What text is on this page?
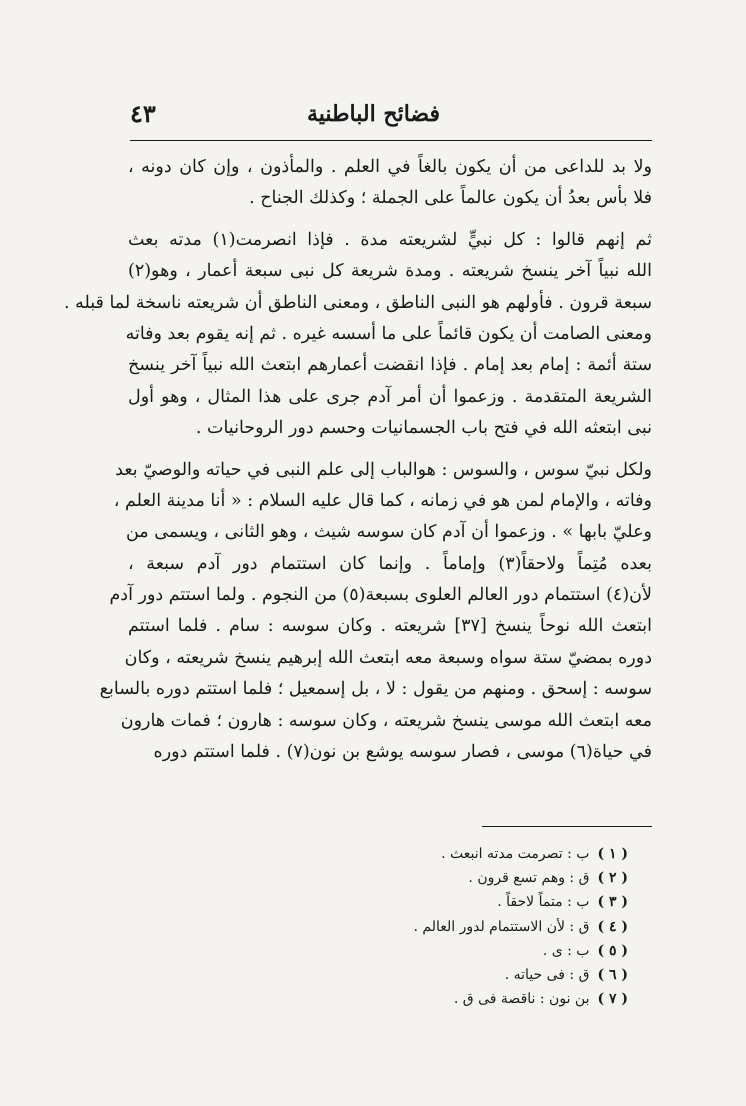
فضائح الباطنية
٤٣
ولا بد للداعى من أن يكون بالغاً في العلم . والمأذون ، وإن كان دونه ،
فلا بأس بعدُ أن يكون عالماً على الجملة ؛ وكذلك الجناح .
ثم إنهم قالوا : كل نبيٍّ لشريعته مدة . فإذا انصرمت(١) مدته بعث
الله نبياً آخر ينسخ شريعته . ومدة شريعة كل نبى سبعة أعمار ، وهو(٢)
سبعة قرون . فأولهم هو النبى الناطق ، ومعنى الناطق أن شريعته ناسخة لما قبله .
ومعنى الصامت أن يكون قائماً على ما أسسه غيره . ثم إنه يقوم بعد وفاته
ستة أئمة : إمام بعد إمام . فإذا انقضت أعمارهم ابتعث الله نبياً آخر ينسخ
الشريعة المتقدمة . وزعموا أن أمر آدم جرى على هذا المثال ، وهو أول
نبى ابتعثه الله في فتح باب الجسمانيات وحسم دور الروحانيات .
ولكل نبيّ سوس ، والسوس : هوالباب إلى علم النبى في حياته والوصيّ بعد
وفاته ، والإمام لمن هو في زمانه ، كما قال عليه السلام : « أنا مدينة العلم ،
وعليّ بابها » . وزعموا أن آدم كان سوسه شيث ، وهو الثانى ، ويسمى من
بعده مُتِماً ولاحقاً(٣) وإماماً . وإنما كان استتمام دور آدم سبعة ،
لأن(٤) استتمام دور العالم العلوى بسبعة(٥) من النجوم . ولما استتم دور آدم
ابتعث الله نوحاً ينسخ [٣٧] شريعته . وكان سوسه : سام . فلما استتم
دوره بمضيّ ستة سواه وسبعة معه ابتعث الله إبرهيم ينسخ شريعته ، وكان
سوسه : إسحق . ومنهم من يقول : لا ، بل إسمعيل ؛ فلما استتم دوره بالسابع
معه ابتعث الله موسى ينسخ شريعته ، وكان سوسه : هارون ؛ فمات هارون
في حياة(٦) موسى ، فصار سوسه يوشع بن نون(٧) . فلما استتم دوره
( ١ )ب : تصرمت مدته انبعث .
( ٢ )ق : وهم تسع قرون .
( ٣ )ب : متماً لاحقاً .
( ٤ )ق : لأن الاستتمام لدور العالم .
( ٥ )ب : ى .
( ٦ )ق : فى حياته .
( ٧ )بن نون : ناقصة فى ق .
